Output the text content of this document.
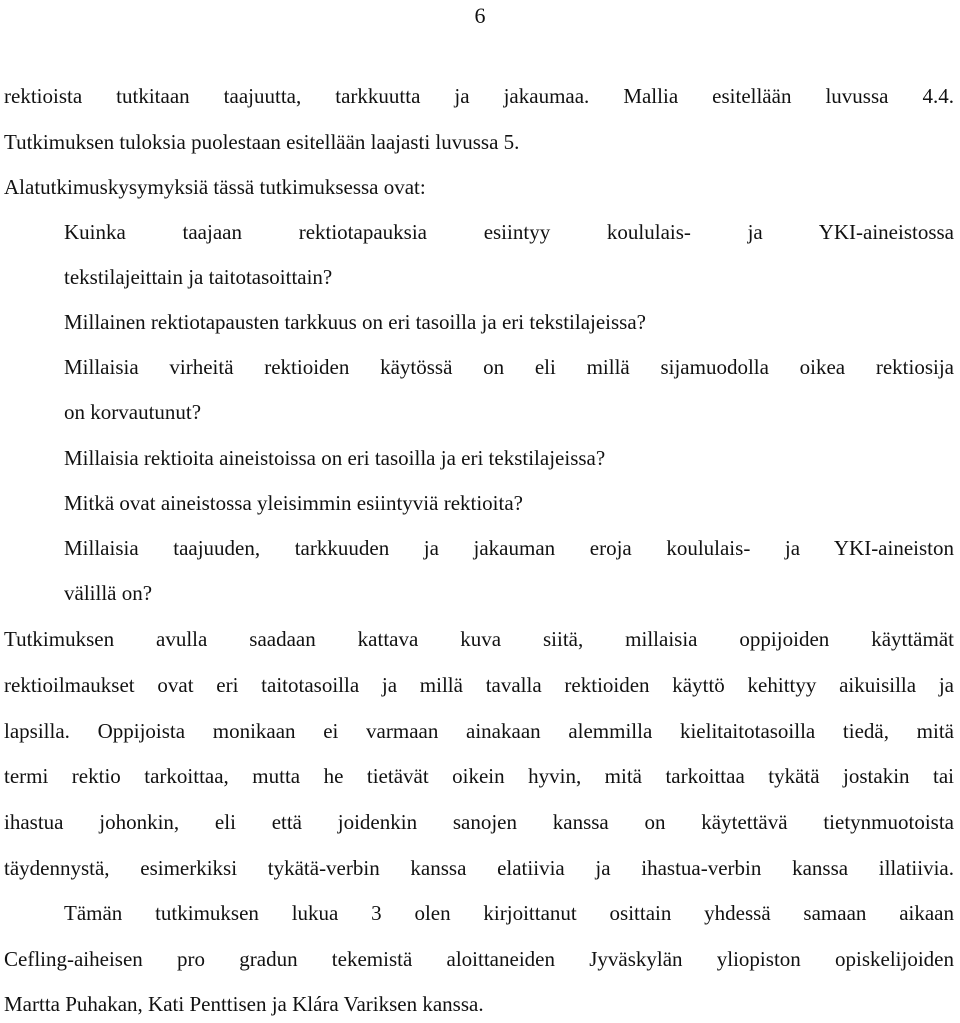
6
rektioista tutkitaan taajuutta, tarkkuutta ja jakaumaa. Mallia esitellään luvussa 4.4.
Tutkimuksen tuloksia puolestaan esitellään laajasti luvussa 5.
Alatutkimuskysymyksiä tässä tutkimuksessa ovat:
Kuinka taajaan rektiotapauksia esiintyy koululais- ja YKI-aineistossa
tekstilajeittain ja taitotasoittain?
Millainen rektiotapausten tarkkuus on eri tasoilla ja eri tekstilajeissa?
Millaisia virheitä rektioiden käytössä on eli millä sijamuodolla oikea rektiosija
on korvautunut?
Millaisia rektioita aineistoissa on eri tasoilla ja eri tekstilajeissa?
Mitkä ovat aineistossa yleisimmin esiintyviä rektioita?
Millaisia taajuuden, tarkkuuden ja jakauman eroja koululais- ja YKI-aineiston
välillä on?
Tutkimuksen avulla saadaan kattava kuva siitä, millaisia oppijoiden käyttämät
rektioilmaukset ovat eri taitotasoilla ja millä tavalla rektioiden käyttö kehittyy aikuisilla ja
lapsilla. Oppijoista monikaan ei varmaan ainakaan alemmilla kielitaitotasoilla tiedä, mitä
termi rektio tarkoittaa, mutta he tietävät oikein hyvin, mitä tarkoittaa tykätä jostakin tai
ihastua johonkin, eli että joidenkin sanojen kanssa on käytettävä tietynmuotoista
täydennystä, esimerkiksi tykätä-verbin kanssa elatiivia ja ihastua-verbin kanssa illatiivia.
Tämän tutkimuksen lukua 3 olen kirjoittanut osittain yhdessä samaan aikaan
Cefling-aiheisen pro gradun tekemistä aloittaneiden Jyväskylän yliopiston opiskelijoiden
Martta Puhakan, Kati Penttisen ja Klára Variksen kanssa.
